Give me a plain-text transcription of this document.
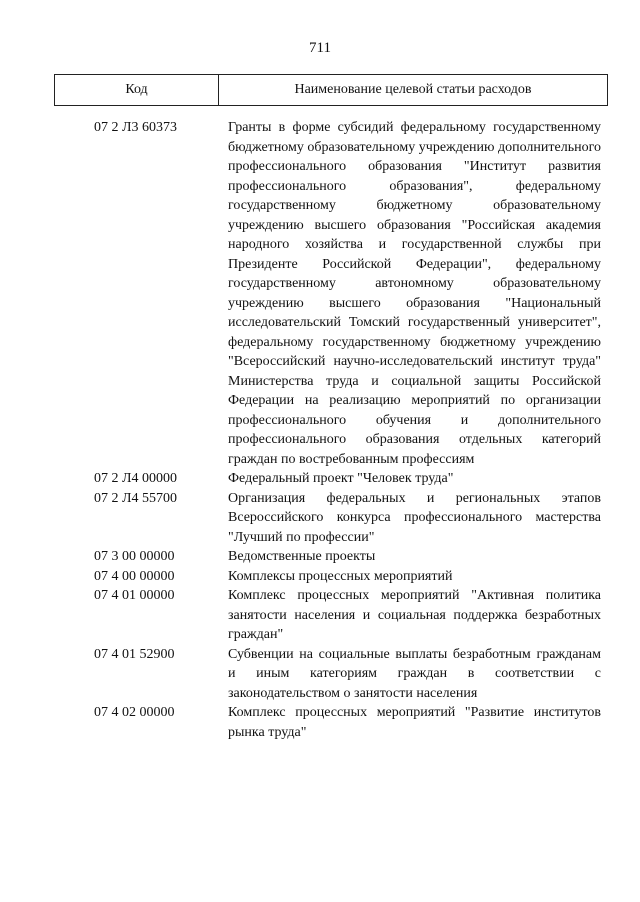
711
Код	Наименование целевой статьи расходов
07 2 Л3 60373	Гранты в форме субсидий федеральному государственному бюджетному образовательному учреждению дополнительного профессионального образования "Институт развития профессионального образования", федеральному государственному бюджетному образовательному учреждению высшего образования "Российская академия народного хозяйства и государственной службы при Президенте Российской Федерации", федеральному государственному автономному образовательному учреждению высшего образования "Национальный исследовательский Томский государственный университет", федеральному государственному бюджетному учреждению "Всероссийский научно-исследовательский институт труда" Министерства труда и социальной защиты Российской Федерации на реализацию мероприятий по организации профессионального обучения и дополнительного профессионального образования отдельных категорий граждан по востребованным профессиям
07 2 Л4 00000	Федеральный проект "Человек труда"
07 2 Л4 55700	Организация федеральных и региональных этапов Всероссийского конкурса профессионального мастерства "Лучший по профессии"
07 3 00 00000	Ведомственные проекты
07 4 00 00000	Комплексы процессных мероприятий
07 4 01 00000	Комплекс процессных мероприятий "Активная политика занятости населения и социальная поддержка безработных граждан"
07 4 01 52900	Субвенции на социальные выплаты безработным гражданам и иным категориям граждан в соответствии с законодательством о занятости населения
07 4 02 00000	Комплекс процессных мероприятий "Развитие институтов рынка труда"
